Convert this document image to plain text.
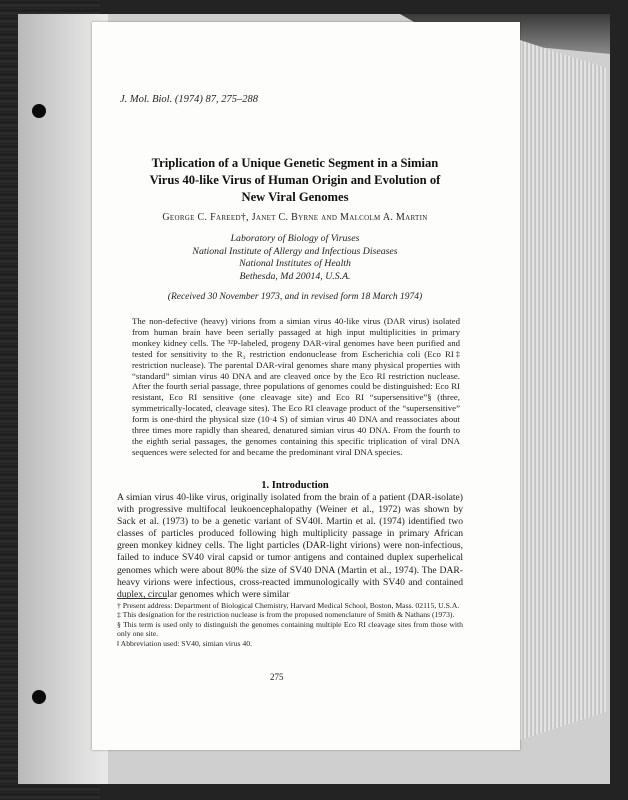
J. Mol. Biol. (1974) 87, 275–288
Triplication of a Unique Genetic Segment in a Simian
Virus 40-like Virus of Human Origin and Evolution of
New Viral Genomes
George C. Fareed†, Janet C. Byrne and Malcolm A. Martin
Laboratory of Biology of Viruses
National Institute of Allergy and Infectious Diseases
National Institutes of Health
Bethesda, Md 20014, U.S.A.
(Received 30 November 1973, and in revised form 18 March 1974)

The non-defective (heavy) virions from a simian virus 40-like virus (DAR virus) isolated from human brain have been serially passaged at high input multiplicities in primary monkey kidney cells. The ³²P-labeled, progeny DAR-viral genomes have been purified and tested for sensitivity to the R₁ restriction endonuclease from Escherichia coli (Eco RI‡ restriction nuclease). The parental DAR-viral genomes share many physical properties with “standard” simian virus 40 DNA and are cleaved once by the Eco RI restriction nuclease. After the fourth serial passage, three populations of genomes could be distinguished: Eco RI resistant, Eco RI sensitive (one cleavage site) and Eco RI “supersensitive”§ (three, symmetrically-located, cleavage sites). The Eco RI cleavage product of the “supersensitive” form is one-third the physical size (10·4 S) of simian virus 40 DNA and reassociates about three times more rapidly than sheared, denatured simian virus 40 DNA. From the fourth to the eighth serial passages, the genomes containing this specific triplication of viral DNA sequences were selected for and became the predominant viral DNA species.

1. Introduction

A simian virus 40-like virus, originally isolated from the brain of a patient (DAR-isolate) with progressive multifocal leukoencephalopathy (Weiner et al., 1972) was shown by Sack et al. (1973) to be a genetic variant of SV40‖. Martin et al. (1974) identified two classes of particles produced following high multiplicity passage in primary African green monkey kidney cells. The light particles (DAR-light virions) were non-infectious, failed to induce SV40 viral capsid or tumor antigens and contained duplex superhelical genomes which were about 80% the size of SV40 DNA (Martin et al., 1974). The DAR-heavy virions were infectious, cross-reacted immunologically with SV40 and contained duplex, circular genomes which were similar

† Present address: Department of Biological Chemistry, Harvard Medical School, Boston, Mass. 02115, U.S.A.

‡ This designation for the restriction nuclease is from the proposed nomenclature of Smith & Nathans (1973).

§ This term is used only to distinguish the genomes containing multiple Eco RI cleavage sites from those with only one site.

‖ Abbreviation used: SV40, simian virus 40.

275
